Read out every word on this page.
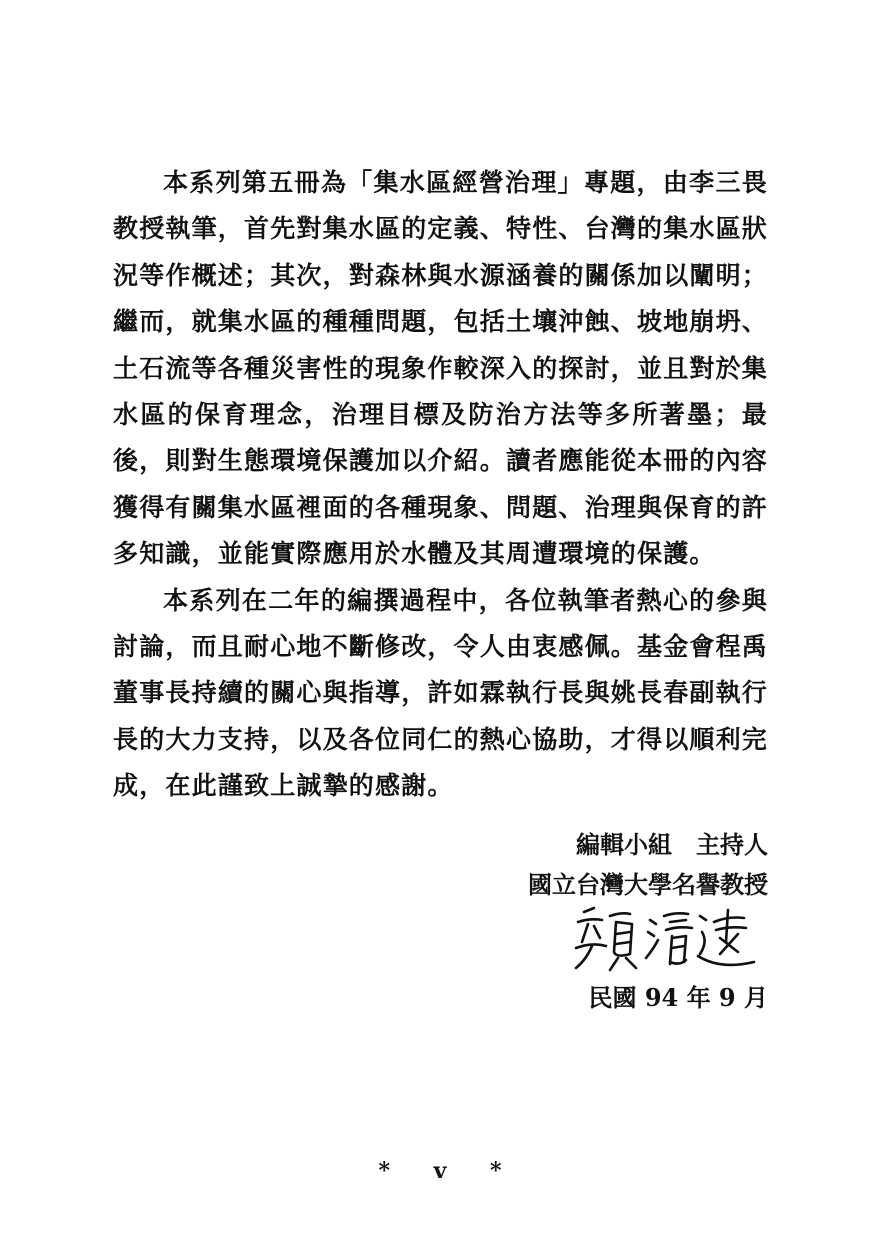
本系列第五冊為「集水區經營治理」專題，由李三畏教授執筆，首先對集水區的定義、特性、台灣的集水區狀況等作概述；其次，對森林與水源涵養的關係加以闡明；繼而，就集水區的種種問題，包括土壤沖蝕、坡地崩坍、土石流等各種災害性的現象作較深入的探討，並且對於集水區的保育理念，治理目標及防治方法等多所著墨；最後，則對生態環境保護加以介紹。讀者應能從本冊的內容獲得有關集水區裡面的各種現象、問題、治理與保育的許多知識，並能實際應用於水體及其周遭環境的保護。

本系列在二年的編撰過程中，各位執筆者熱心的參與討論，而且耐心地不斷修改，令人由衷感佩。基金會程禹董事長持續的關心與指導，許如霖執行長與姚長春副執行長的大力支持，以及各位同仁的熱心協助，才得以順利完成，在此謹致上誠摯的感謝。

編輯小組　主持人
國立台灣大學名譽教授
民國 94 年 9 月
* v *
